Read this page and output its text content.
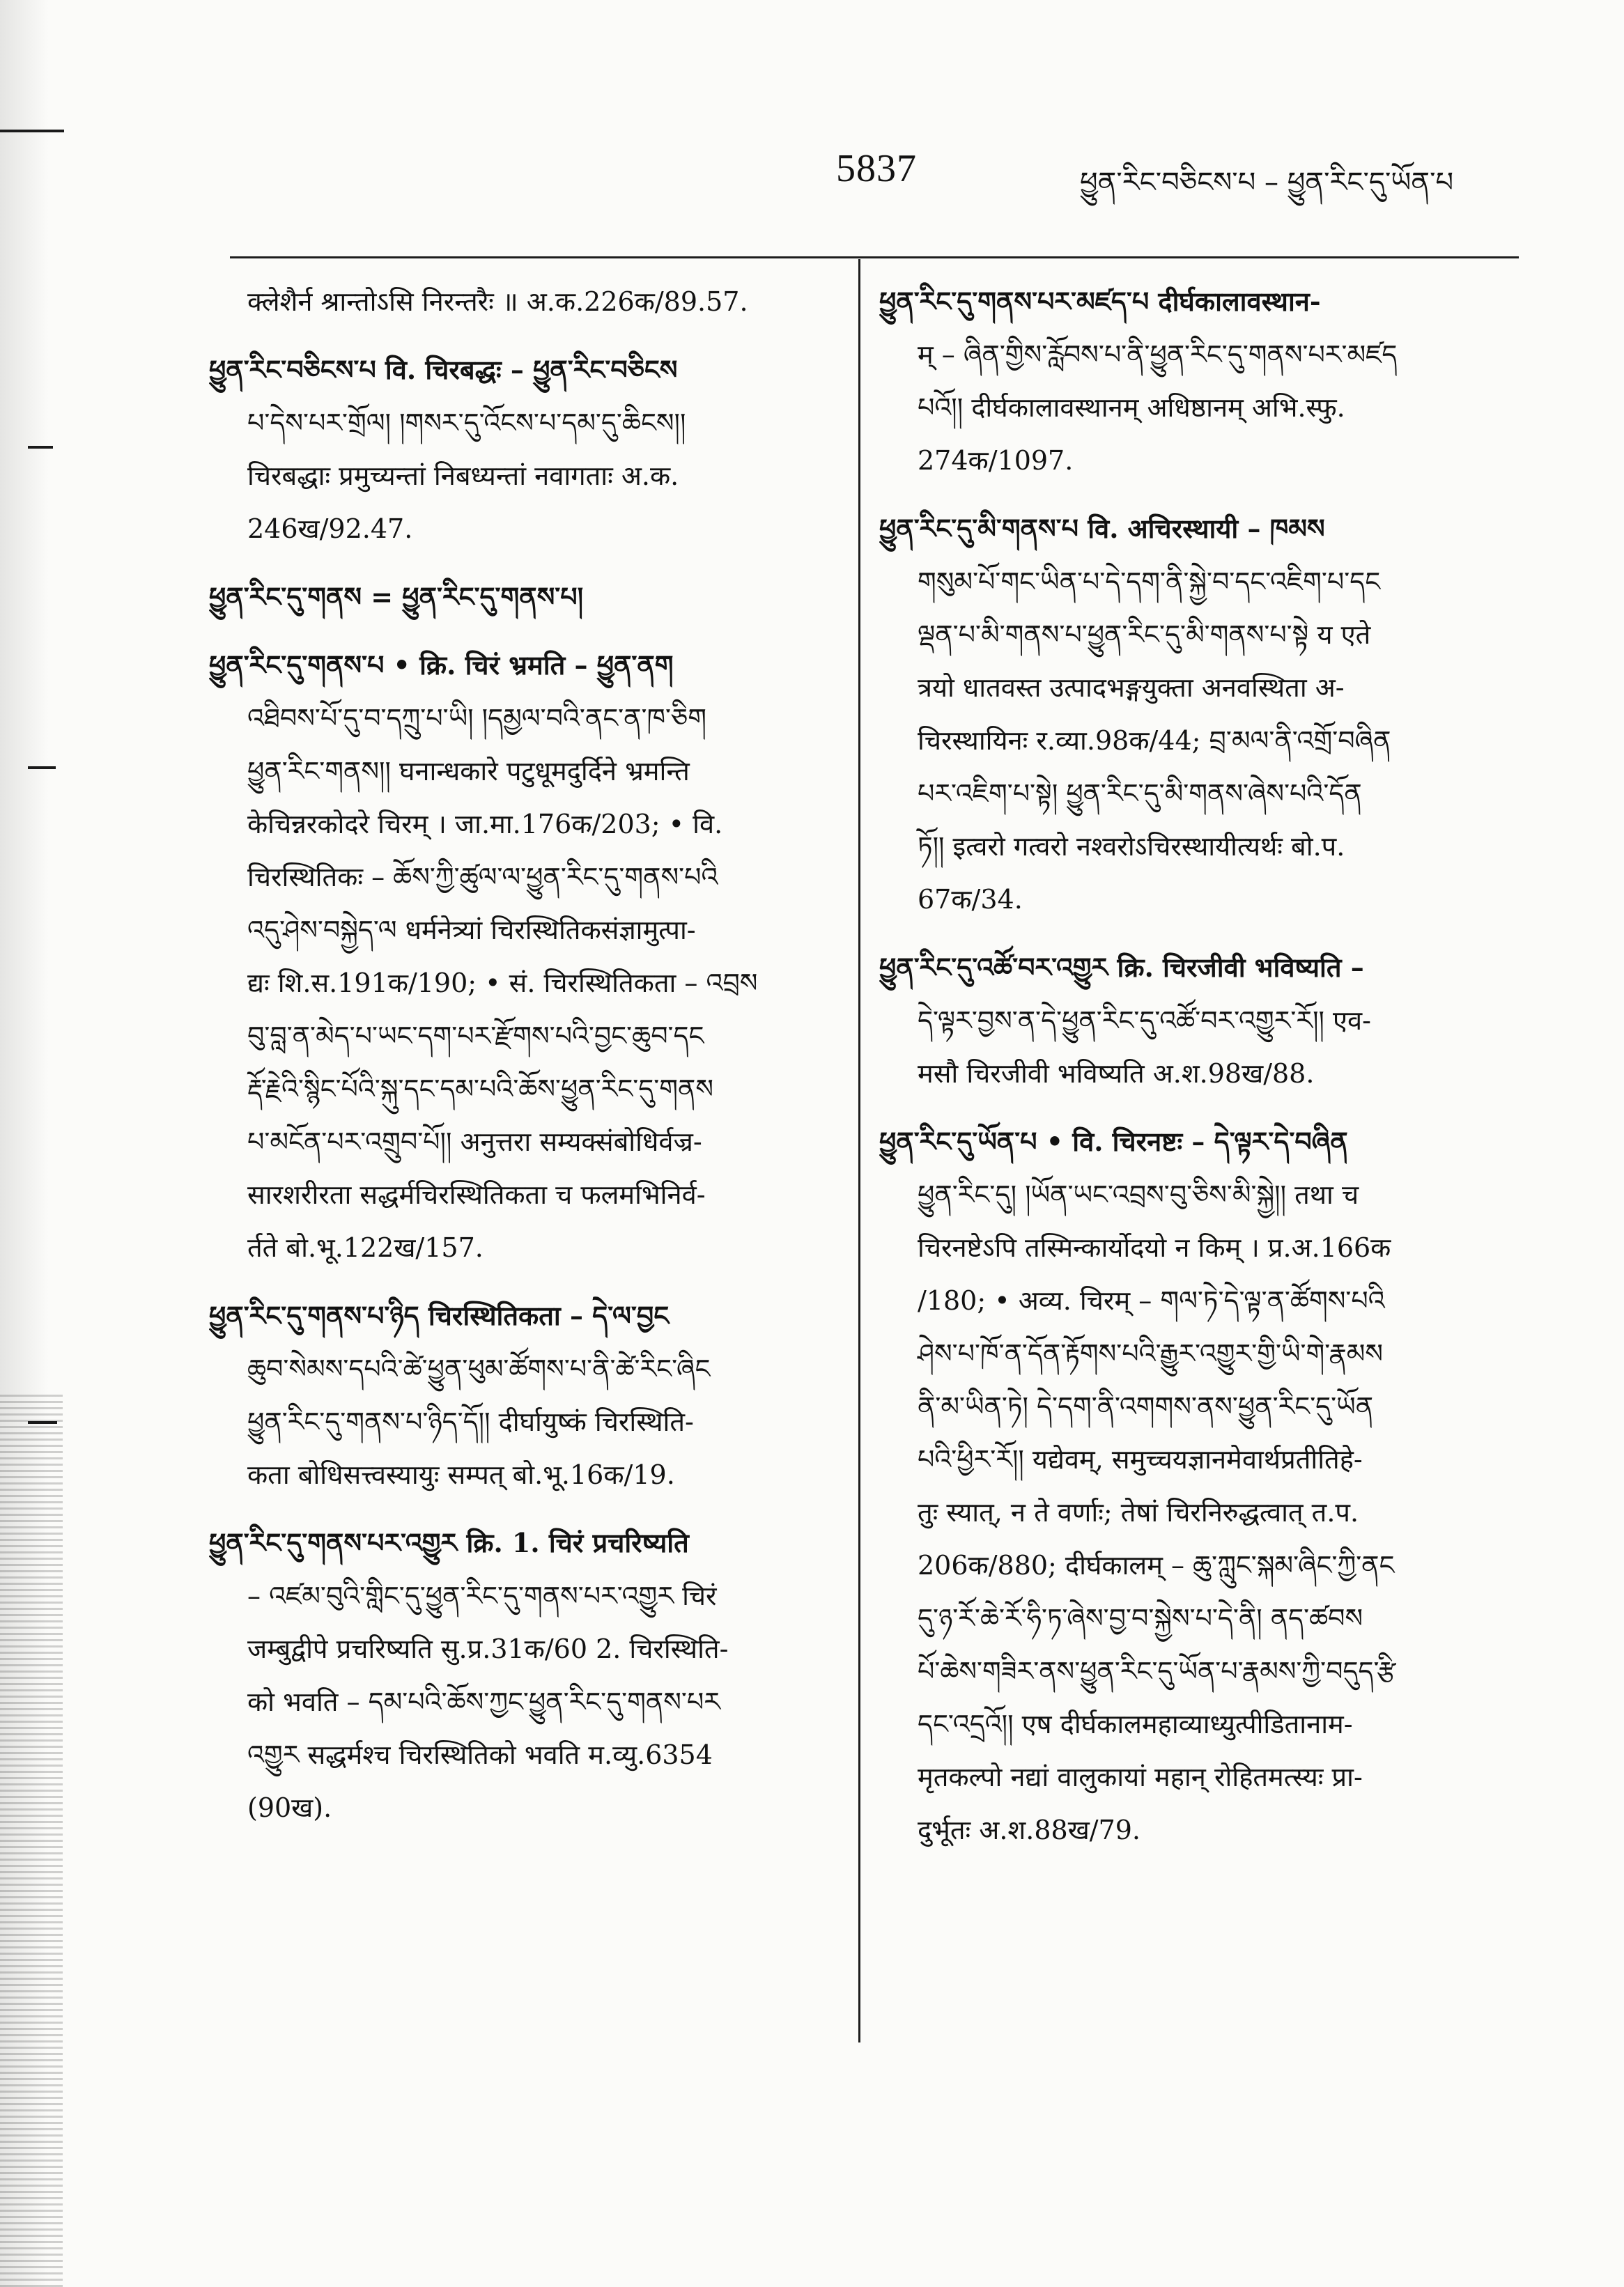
5837	ཕྱུན་རིང་བཅིངས་པ – ཕྱུན་རིང་དུ་ཡོན་པ
क्लेशैर्न श्रान्तोऽसि निरन्तरैः ॥ अ.क.226क/89.57.
ཕྱུན་རིང་བཅིངས་པ वि. चिरबद्धः – ཕྱུན་རིང་བཅིངས
པ་དེས་པར་གྲོལ། །གསར་དུ་འོངས་པ་དམ་དུ་ཆིངས།།
चिरबद्धाः प्रमुच्यन्तां निबध्यन्तां नवागताः अ.क.
246ख/92.47.
ཕྱུན་རིང་དུ་གནས = ཕྱུན་རིང་དུ་གནས་པ།
ཕྱུན་རིང་དུ་གནས་པ • क्रि. चिरं भ्रमति – ཕྱུན་ནག
འཐིབས་པོ་དུ་བ་དཀྲུ་པ་ཡི། །དམྱལ་བའི་ནང་ན་ཁ་ཅིག
ཕྱུན་རིང་གནས།། घनान्धकारे पटुधूमदुर्दिने भ्रमन्ति
केचिन्नरकोदरे चिरम् । जा.मा.176क/203; • वि.
चिरस्थितिकः – ཆོས་ཀྱི་ཚུལ་ལ་ཕྱུན་རིང་དུ་གནས་པའི
འདུ་ཤེས་བསྐྱེད་ལ धर्मनेत्र्यां चिरस्थितिकसंज्ञामुत्पा-
द्यः शि.स.191क/190; • सं. चिरस्थितिकता – འབྲས
བུ་བླ་ན་མེད་པ་ཡང་དག་པར་རྫོགས་པའི་བྱང་ཆུབ་དང
རྡོ་རྗེའི་སྙིང་པོའི་སྐུ་དང་དམ་པའི་ཆོས་ཕྱུན་རིང་དུ་གནས
པ་མངོན་པར་འགྲུབ་པོ།། अनुत्तरा सम्यक्संबोधिर्वज्र-
सारशरीरता सद्धर्मचिरस्थितिकता च फलमभिनिर्व-
र्तते बो.भू.122ख/157.
ཕྱུན་རིང་དུ་གནས་པ་ཉིད चिरस्थितिकता – དེ་ལ་བྱང
ཆུབ་སེམས་དཔའི་ཚེ་ཕྱུན་ཕུམ་ཚོགས་པ་ནི་ཚེ་རིང་ཞིང
ཕྱུན་རིང་དུ་གནས་པ་ཉིད་དོ།། दीर्घायुष्कं चिरस्थिति-
कता बोधिसत्त्वस्यायुः सम्पत् बो.भू.16क/19.
ཕྱུན་རིང་དུ་གནས་པར་འགྱུར क्रि. 1. चिरं प्रचरिष्यति
– འཛམ་བུའི་གླིང་དུ་ཕྱུན་རིང་དུ་གནས་པར་འགྱུར चिरं
जम्बुद्वीपे प्रचरिष्यति सु.प्र.31क/60 2. चिरस्थिति-
को भवति – དམ་པའི་ཆོས་ཀྱང་ཕྱུན་རིང་དུ་གནས་པར
འགྱུར सद्धर्मश्च चिरस्थितिको भवति म.व्यु.6354
(90ख).
ཕྱུན་རིང་དུ་གནས་པར་མཛད་པ दीर्घकालावस्थान-
म् – ཞིན་གྱིས་རློབས་པ་ནི་ཕྱུན་རིང་དུ་གནས་པར་མཛད
པའོ།། दीर्घकालावस्थानम् अधिष्ठानम् अभि.स्फु.
274क/1097.
ཕྱུན་རིང་དུ་མི་གནས་པ वि. अचिरस्थायी – ཁམས
གསུམ་པོ་གང་ཡིན་པ་དེ་དག་ནི་སྐྱེ་བ་དང་འཇིག་པ་དང
ལྡན་པ་མི་གནས་པ་ཕྱུན་རིང་དུ་མི་གནས་པ་སྟེ य एते
त्रयो धातवस्त उत्पादभङ्गयुक्ता अनवस्थिता अ-
चिरस्थायिनः र.व्या.98क/44; བྲ་མལ་ནི་འགྲོ་བཞིན
པར་འཇིག་པ་སྟེ། ཕྱུན་རིང་དུ་མི་གནས་ཞེས་པའི་དོན
ཏོ།། इत्वरो गत्वरो नश्वरोऽचिरस्थायीत्यर्थः बो.प.
67क/34.
ཕྱུན་རིང་དུ་འཚོ་བར་འགྱུར क्रि. चिरजीवी भविष्यति –
དེ་ལྟར་བྱས་ན་དེ་ཕྱུན་རིང་དུ་འཚོ་བར་འགྱུར་རོ།། एव-
मसौ चिरजीवी भविष्यति अ.श.98ख/88.
ཕྱུན་རིང་དུ་ཡོན་པ • वि. चिरनष्टः – དེ་ལྟར་དེ་བཞིན
ཕྱུན་རིང་དུ། །ཡོན་ཡང་འབྲས་བུ་ཅིས་མི་སྐྱེ།། तथा च
चिरनष्टेऽपि तस्मिन्कार्योदयो न किम् । प्र.अ.166क
/180; • अव्य. चिरम् – གལ་ཏེ་དེ་ལྟ་ན་ཚོགས་པའི
ཤེས་པ་ཁོ་ན་དོན་རྟོགས་པའི་རྒྱུར་འགྱུར་གྱི་ཡི་གེ་རྣམས
ནི་མ་ཡིན་ཏེ། དེ་དག་ནི་འགགས་ནས་ཕྱུན་རིང་དུ་ཡོན
པའི་ཕྱིར་རོ།། यद्येवम्, समुच्चयज्ञानमेवार्थप्रतीतिहे-
तुः स्यात्, न ते वर्णाः; तेषां चिरनिरुद्धत्वात् त.प.
206क/880; दीर्घकालम् – ཆུ་ཀླུང་སྐམ་ཞིང་ཀྱི་ནང
དུ་ཉ་རོ་ཆེ་རོ་ཧི་ཏ་ཞེས་བྱ་བ་སྐྱེས་པ་དེ་ནི། ནད་ཚབས
པོ་ཆེས་གཟིར་ནས་ཕྱུན་རིང་དུ་ཡོན་པ་རྣམས་ཀྱི་བདུད་རྩི
དང་འདྲའོ།། एष दीर्घकालमहाव्याध्युत्पीडितानाम-
मृतकल्पो नद्यां वालुकायां महान् रोहितमत्स्यः प्रा-
दुर्भूतः अ.श.88ख/79.
